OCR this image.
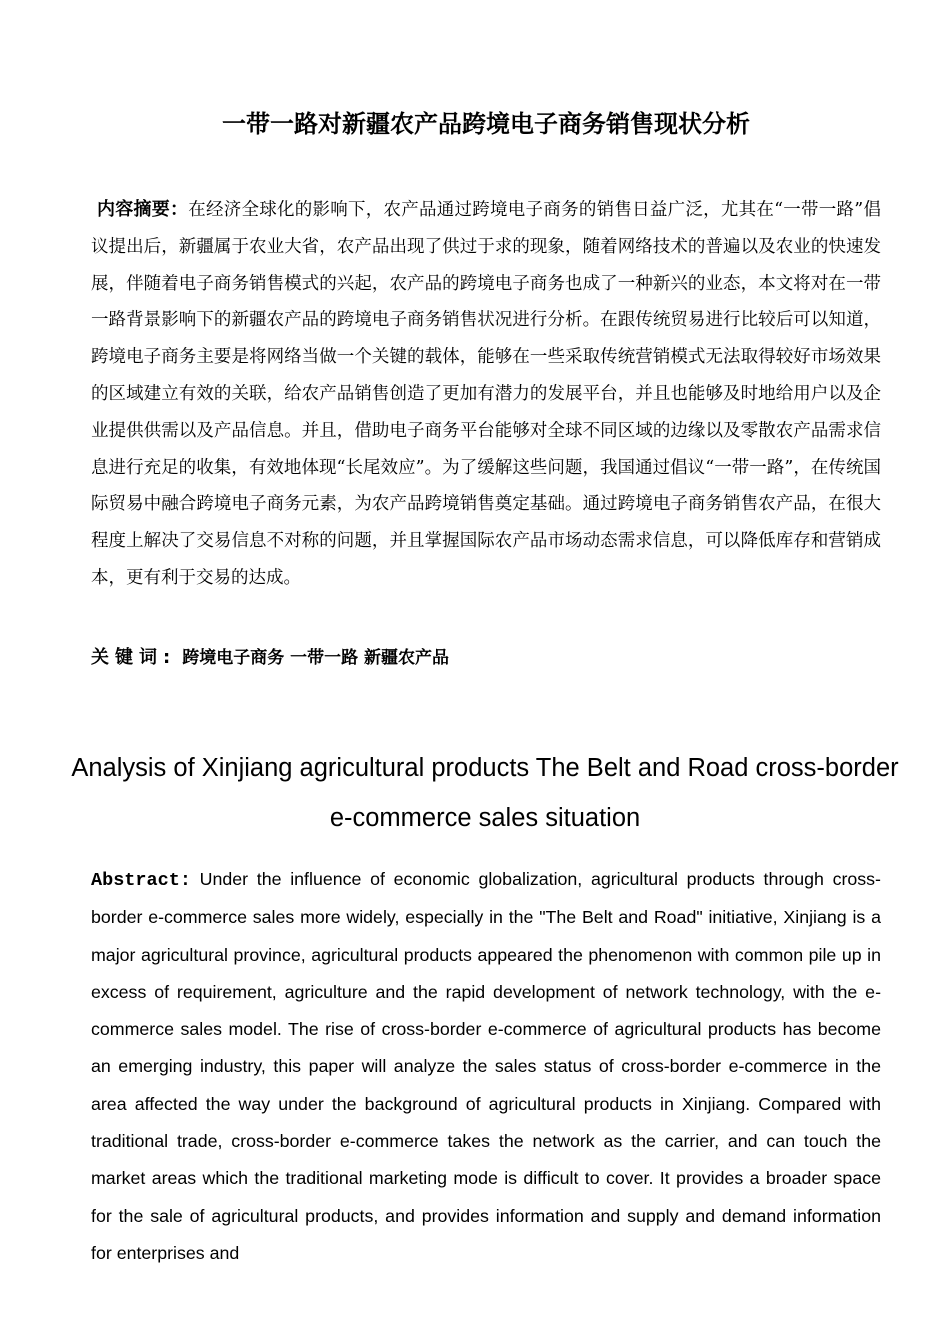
一带一路对新疆农产品跨境电子商务销售现状分析
内容摘要：在经济全球化的影响下，农产品通过跨境电子商务的销售日益广泛，尤其在“一带一路”倡议提出后，新疆属于农业大省，农产品出现了供过于求的现象，随着网络技术的普遍以及农业的快速发展，伴随着电子商务销售模式的兴起，农产品的跨境电子商务也成了一种新兴的业态，本文将对在一带一路背景影响下的新疆农产品的跨境电子商务销售状况进行分析。在跟传统贸易进行比较后可以知道，跨境电子商务主要是将网络当做一个关键的载体，能够在一些采取传统营销模式无法取得较好市场效果的区域建立有效的关联，给农产品销售创造了更加有潜力的发展平台，并且也能够及时地给用户以及企业提供供需以及产品信息。并且，借助电子商务平台能够对全球不同区域的边缘以及零散农产品需求信息进行充足的收集，有效地体现“长尾效应”。为了缓解这些问题，我国通过倡议“一带一路”，在传统国际贸易中融合跨境电子商务元素，为农产品跨境销售奠定基础。通过跨境电子商务销售农产品，在很大程度上解决了交易信息不对称的问题，并且掌握国际农产品市场动态需求信息，可以降低库存和营销成本，更有利于交易的达成。
关键词: 跨境电子商务 一带一路 新疆农产品
Analysis of Xinjiang agricultural products The Belt and Road cross-border e-commerce sales situation
Abstract: Under the influence of economic globalization, agricultural products through cross-border e-commerce sales more widely, especially in the "The Belt and Road" initiative, Xinjiang is a major agricultural province, agricultural products appeared the phenomenon with common pile up in excess of requirement, agriculture and the rapid development of network technology, with the e-commerce sales model. The rise of cross-border e-commerce of agricultural products has become an emerging industry, this paper will analyze the sales status of cross-border e-commerce in the area affected the way under the background of agricultural products in Xinjiang. Compared with traditional trade, cross-border e-commerce takes the network as the carrier, and can touch the market areas which the traditional marketing mode is difficult to cover. It provides a broader space for the sale of agricultural products, and provides information and supply and demand information for enterprises and
